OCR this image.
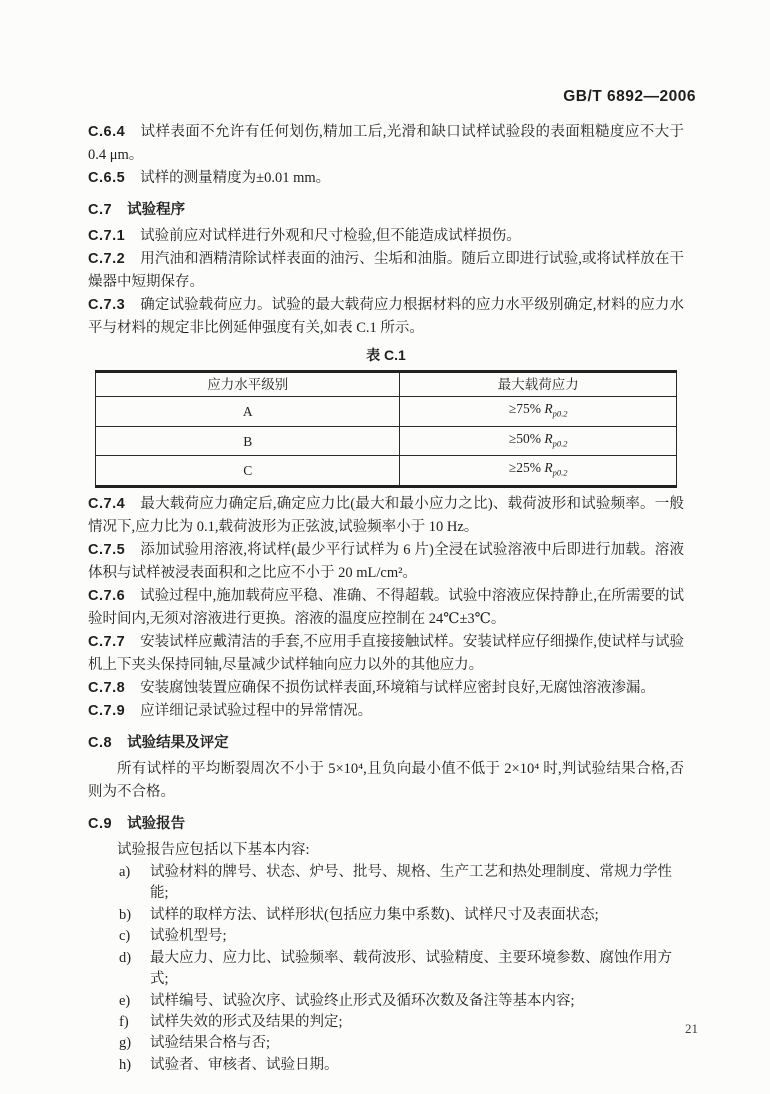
GB/T 6892—2006

C.6.4 试样表面不允许有任何划伤,精加工后,光滑和缺口试样试验段的表面粗糙度应不大于0.4 μm。

C.6.5 试样的测量精度为±0.01 mm。

C.7 试验程序

C.7.1 试验前应对试样进行外观和尺寸检验,但不能造成试样损伤。

C.7.2 用汽油和酒精清除试样表面的油污、尘垢和油脂。随后立即进行试验,或将试样放在干燥器中短期保存。

C.7.3 确定试验载荷应力。试验的最大载荷应力根据材料的应力水平级别确定,材料的应力水平与材料的规定非比例延伸强度有关,如表 C.1 所示。

表 C.1

应力水平级别	最大载荷应力
A	≥75% $R_{p0.2}$
B	≥50% $R_{p0.2}$
C	≥25% $R_{p0.2}$

C.7.4 最大载荷应力确定后,确定应力比(最大和最小应力之比)、载荷波形和试验频率。一般情况下,应力比为 0.1,载荷波形为正弦波,试验频率小于 10 Hz。

C.7.5 添加试验用溶液,将试样(最少平行试样为 6 片)全浸在试验溶液中后即进行加载。溶液体积与试样被浸表面积和之比应不小于 20 mL/cm²。

C.7.6 试验过程中,施加载荷应平稳、准确、不得超载。试验中溶液应保持静止,在所需要的试验时间内,无须对溶液进行更换。溶液的温度应控制在 24℃±3℃。

C.7.7 安装试样应戴清洁的手套,不应用手直接接触试样。安装试样应仔细操作,使试样与试验机上下夹头保持同轴,尽量减少试样轴向应力以外的其他应力。

C.7.8 安装腐蚀装置应确保不损伤试样表面,环境箱与试样应密封良好,无腐蚀溶液渗漏。

C.7.9 应详细记录试验过程中的异常情况。

C.8 试验结果及评定

所有试样的平均断裂周次不小于 5×10⁴,且负向最小值不低于 2×10⁴ 时,判试验结果合格,否则为不合格。

C.9 试验报告

试验报告应包括以下基本内容:

a) 试验材料的牌号、状态、炉号、批号、规格、生产工艺和热处理制度、常规力学性能;
b) 试样的取样方法、试样形状(包括应力集中系数)、试样尺寸及表面状态;
c) 试验机型号;
d) 最大应力、应力比、试验频率、载荷波形、试验精度、主要环境参数、腐蚀作用方式;
e) 试样编号、试验次序、试验终止形式及循环次数及备注等基本内容;
f) 试样失效的形式及结果的判定;
g) 试验结果合格与否;
h) 试验者、审核者、试验日期。
21
